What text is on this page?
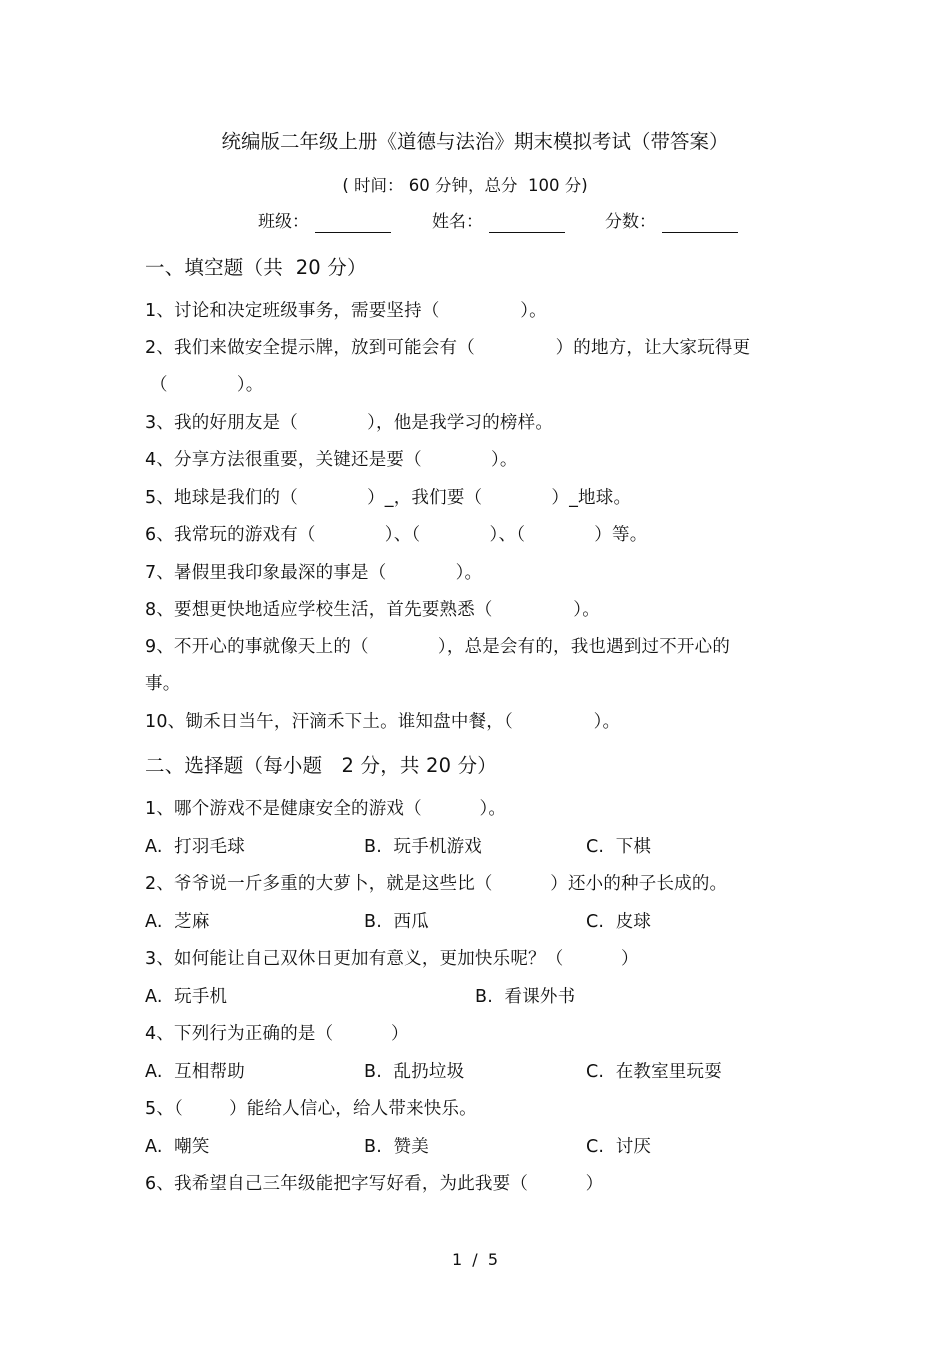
统编版二年级上册《道德与法治》期末模拟考试（带答案）
( 时间： 60 分钟，总分  100 分)
班级：	姓名：	分数：
一、填空题（共  20 分）
1、讨论和决定班级事务，需要坚持（              ）。
2、我们来做安全提示牌，放到可能会有（              ）的地方，让大家玩得更
（            ）。
3、我的好朋友是（            ），他是我学习的榜样。
4、分享方法很重要，关键还是要（            ）。
5、地球是我们的（            ）_，我们要（            ）_地球。
6、我常玩的游戏有（            ）、（            ）、（            ）等。
7、暑假里我印象最深的事是（            ）。
8、要想更快地适应学校生活，首先要熟悉（              ）。
9、不开心的事就像天上的（            ），总是会有的，我也遇到过不开心的
事。
10、锄禾日当午，汗滴禾下土。谁知盘中餐，（              ）。
二、选择题（每小题   2 分，共 20 分）
1、哪个游戏不是健康安全的游戏（          ）。
A.  打羽毛球	B.  玩手机游戏	C.  下棋
2、爷爷说一斤多重的大萝卜，就是这些比（          ）还小的种子长成的。
A.  芝麻	B.  西瓜	C.  皮球
3、如何能让自己双休日更加有意义，更加快乐呢？（          ）
A.  玩手机	B.  看课外书
4、下列行为正确的是（          ）
A.  互相帮助	B.  乱扔垃圾	C.  在教室里玩耍
5、（        ）能给人信心，给人带来快乐。
A.  嘲笑	B.  赞美	C.  讨厌
6、我希望自己三年级能把字写好看，为此我要（          ）
1  /  5
